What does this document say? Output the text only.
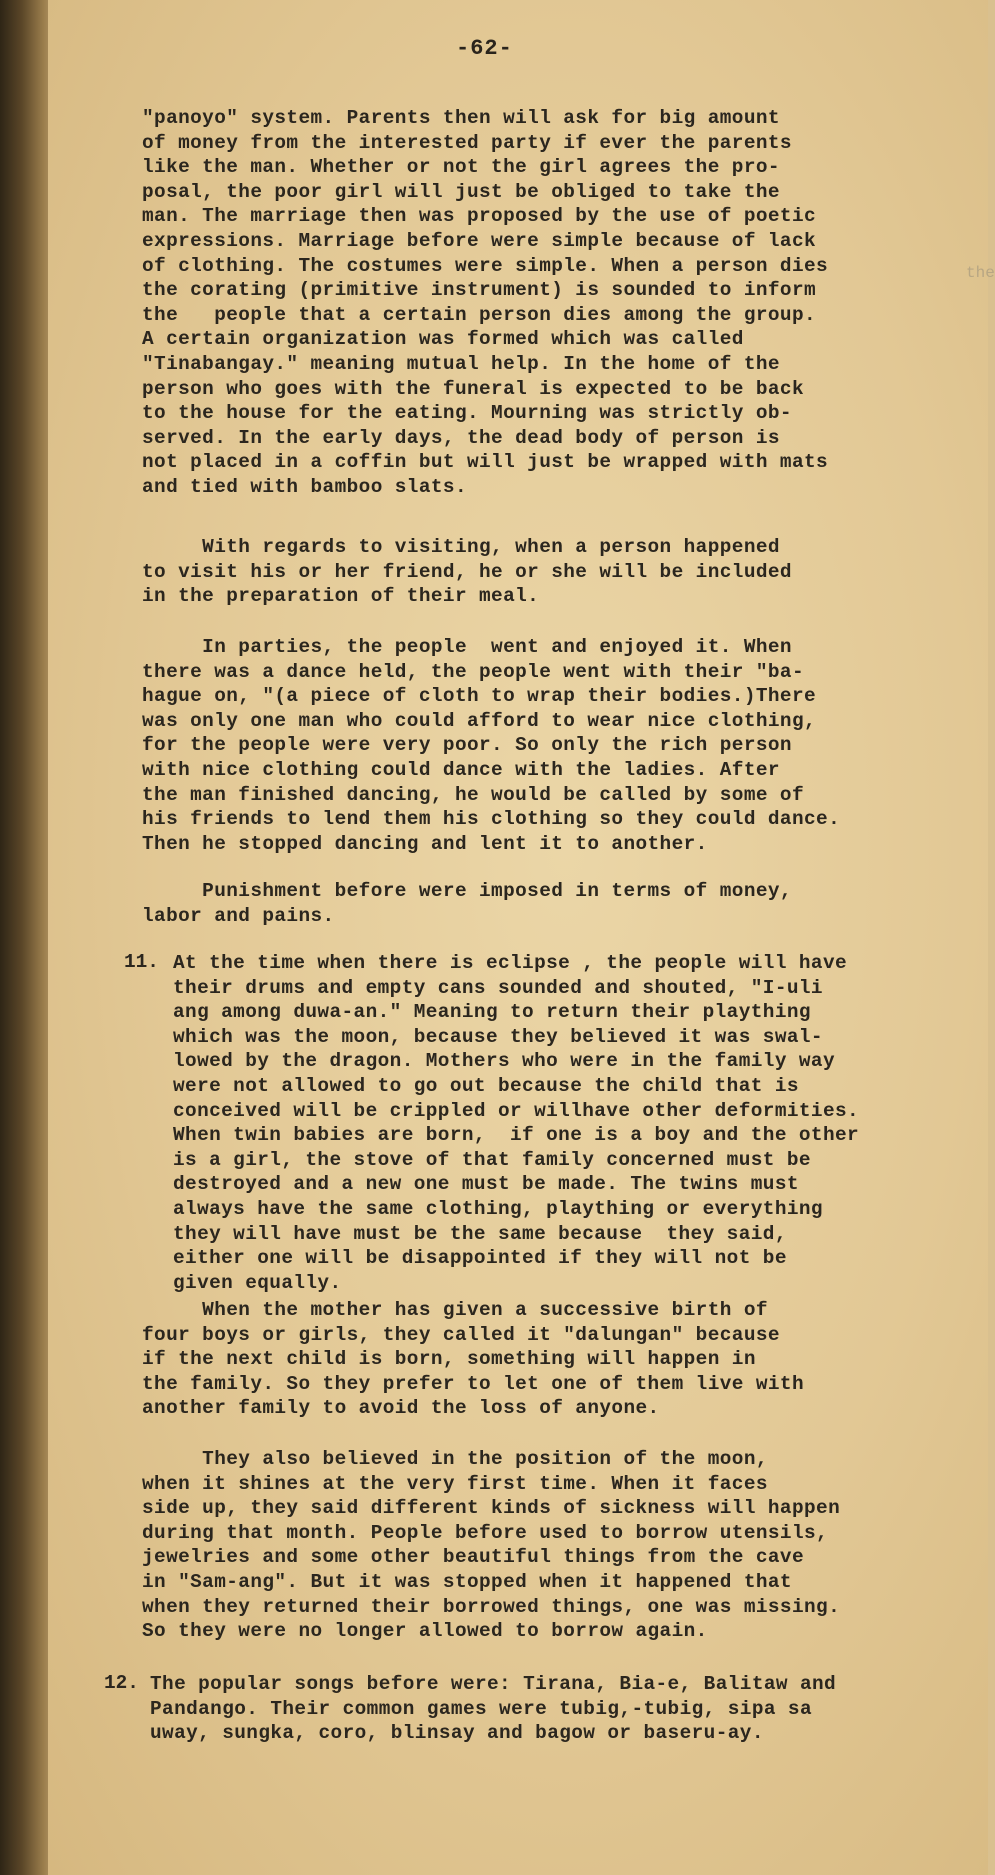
-62-
the

"panoyo" system. Parents then will ask for big amount
of money from the interested party if ever the parents
like the man. Whether or not the girl agrees the pro-
posal, the poor girl will just be obliged to take the
man. The marriage then was proposed by the use of poetic
expressions. Marriage before were simple because of lack
of clothing. The costumes were simple. When a person dies
the corating (primitive instrument) is sounded to inform
the   people that a certain person dies among the group.
A certain organization was formed which was called
"Tinabangay." meaning mutual help. In the home of the
person who goes with the funeral is expected to be back
to the house for the eating. Mourning was strictly ob-
served. In the early days, the dead body of person is
not placed in a coffin but will just be wrapped with mats
and tied with bamboo slats.

With regards to visiting, when a person happened
to visit his or her friend, he or she will be included
in the preparation of their meal.

In parties, the people  went and enjoyed it. When
there was a dance held, the people went with their "ba-
hague on, "(a piece of cloth to wrap their bodies.)There
was only one man who could afford to wear nice clothing,
for the people were very poor. So only the rich person
with nice clothing could dance with the ladies. After
the man finished dancing, he would be called by some of
his friends to lend them his clothing so they could dance.
Then he stopped dancing and lent it to another.

Punishment before were imposed in terms of money,
labor and pains.

11. At the time when there is eclipse , the people will have
their drums and empty cans sounded and shouted, "I-uli
ang among duwa-an." Meaning to return their plaything
which was the moon, because they believed it was swal-
lowed by the dragon. Mothers who were in the family way
were not allowed to go out because the child that is
conceived will be crippled or willhave other deformities.
When twin babies are born,  if one is a boy and the other
is a girl, the stove of that family concerned must be
destroyed and a new one must be made. The twins must
always have the same clothing, plaything or everything
they will have must be the same because  they said,
either one will be disappointed if they will not be
given equally.

When the mother has given a successive birth of
four boys or girls, they called it "dalungan" because
if the next child is born, something will happen in
the family. So they prefer to let one of them live with
another family to avoid the loss of anyone.

They also believed in the position of the moon,
when it shines at the very first time. When it faces
side up, they said different kinds of sickness will happen
during that month. People before used to borrow utensils,
jewelries and some other beautiful things from the cave
in "Sam-ang". But it was stopped when it happened that
when they returned their borrowed things, one was missing.
So they were no longer allowed to borrow again.

12. The popular songs before were: Tirana, Bia-e, Balitaw and
Pandango. Their common games were tubig,-tubig, sipa sa
uway, sungka, coro, blinsay and bagow or baseru-ay.
